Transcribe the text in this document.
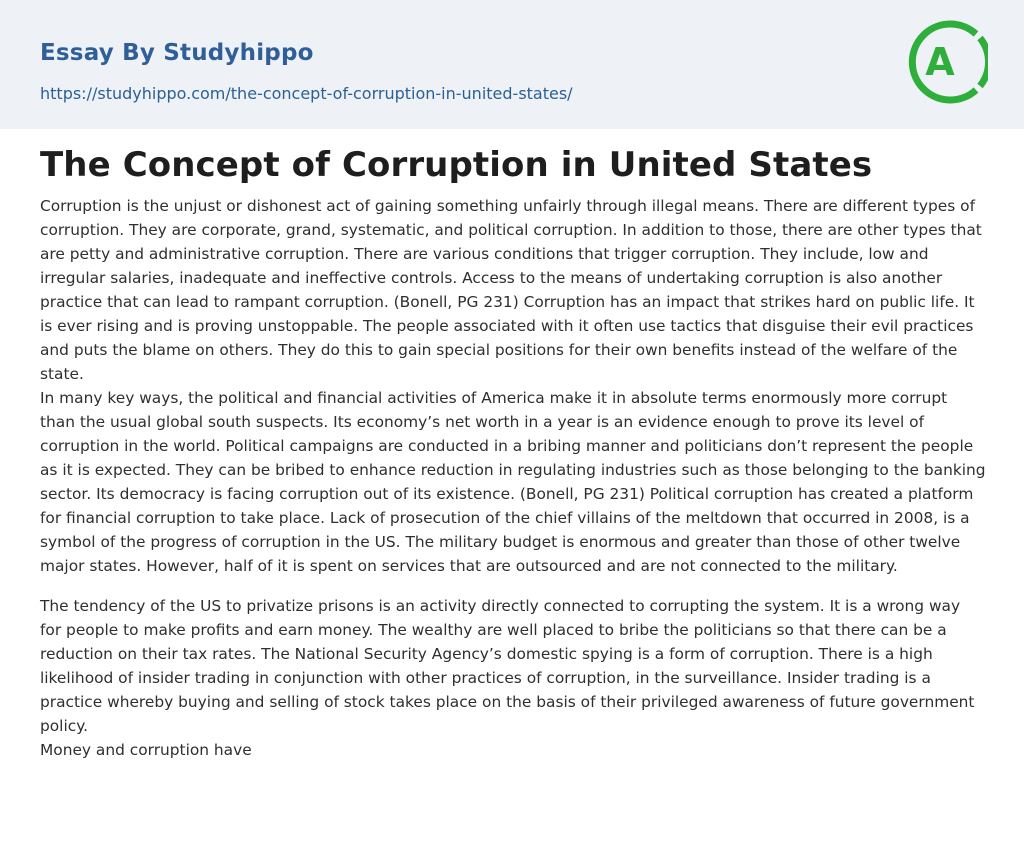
Essay By Studyhippo
https://studyhippo.com/the-concept-of-corruption-in-united-states/
A
The Concept of Corruption in United States

Corruption is the unjust or dishonest act of gaining something unfairly through illegal means. There are different types of corruption. They are corporate, grand, systematic, and political corruption. In addition to those, there are other types that are petty and administrative corruption. There are various conditions that trigger corruption. They include, low and irregular salaries, inadequate and ineffective controls. Access to the means of undertaking corruption is also another practice that can lead to rampant corruption. (Bonell, PG 231) Corruption has an impact that strikes hard on public life. It is ever rising and is proving unstoppable. The people associated with it often use tactics that disguise their evil practices and puts the blame on others. They do this to gain special positions for their own benefits instead of the welfare of the state.

In many key ways, the political and financial activities of America make it in absolute terms enormously more corrupt than the usual global south suspects. Its economy’s net worth in a year is an evidence enough to prove its level of corruption in the world. Political campaigns are conducted in a bribing manner and politicians don’t represent the people as it is expected. They can be bribed to enhance reduction in regulating industries such as those belonging to the banking sector. Its democracy is facing corruption out of its existence. (Bonell, PG 231) Political corruption has created a platform for financial corruption to take place. Lack of prosecution of the chief villains of the meltdown that occurred in 2008, is a symbol of the progress of corruption in the US. The military budget is enormous and greater than those of other twelve major states. However, half of it is spent on services that are outsourced and are not connected to the military.

The tendency of the US to privatize prisons is an activity directly connected to corrupting the system. It is a wrong way for people to make profits and earn money. The wealthy are well placed to bribe the politicians so that there can be a reduction on their tax rates. The National Security Agency’s domestic spying is a form of corruption. There is a high likelihood of insider trading in conjunction with other practices of corruption, in the surveillance. Insider trading is a practice whereby buying and selling of stock takes place on the basis of their privileged awareness of future government policy.

Money and corruption have
